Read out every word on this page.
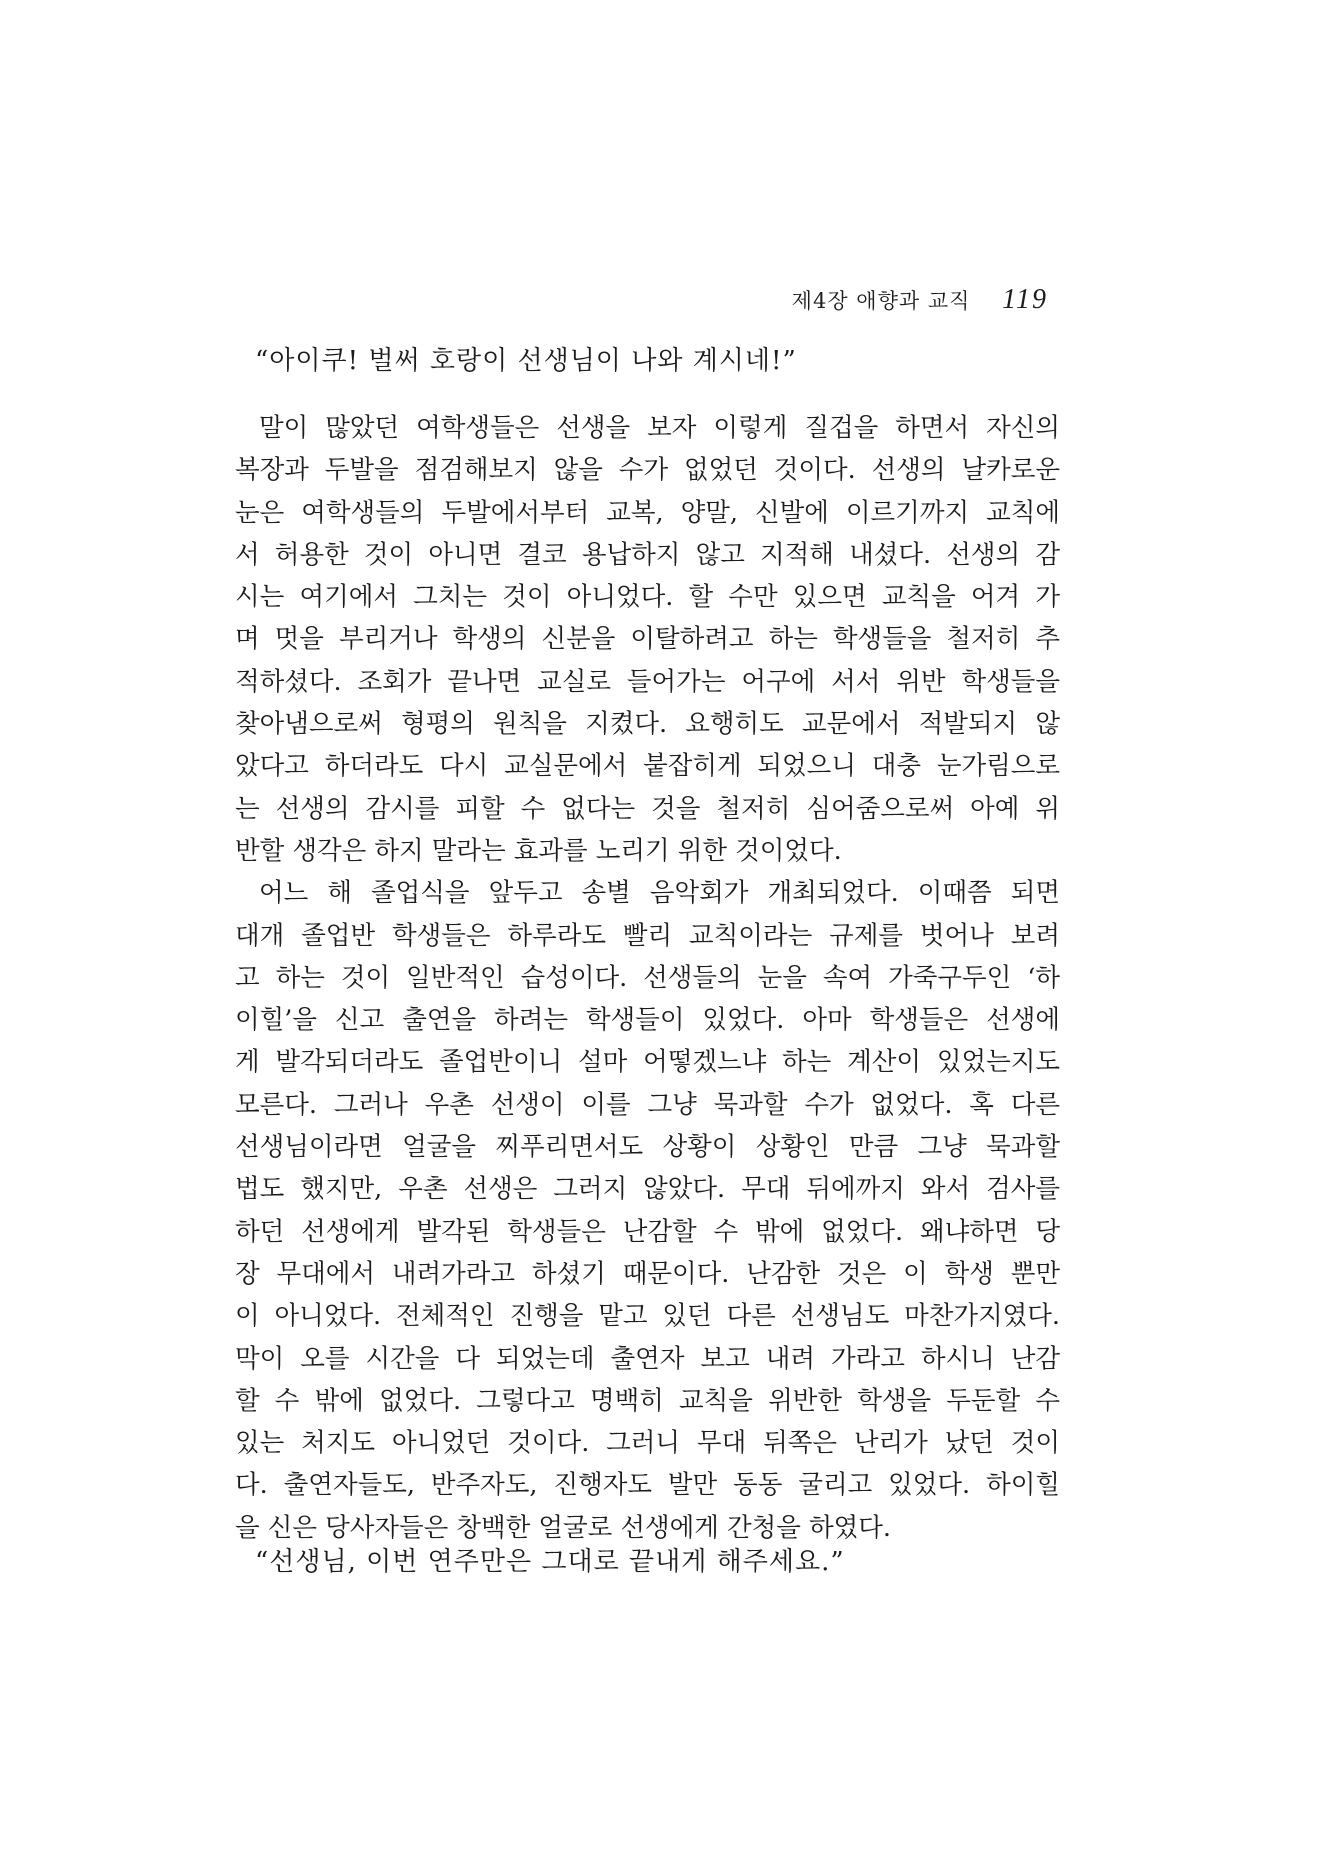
제4장 애향과 교직 119
“아이쿠! 벌써 호랑이 선생님이 나와 계시네!”
말이 많았던 여학생들은 선생을 보자 이렇게 질겁을 하면서 자신의
복장과 두발을 점검해보지 않을 수가 없었던 것이다. 선생의 날카로운
눈은 여학생들의 두발에서부터 교복, 양말, 신발에 이르기까지 교칙에
서 허용한 것이 아니면 결코 용납하지 않고 지적해 내셨다. 선생의 감
시는 여기에서 그치는 것이 아니었다. 할 수만 있으면 교칙을 어겨 가
며 멋을 부리거나 학생의 신분을 이탈하려고 하는 학생들을 철저히 추
적하셨다. 조회가 끝나면 교실로 들어가는 어구에 서서 위반 학생들을
찾아냄으로써 형평의 원칙을 지켰다. 요행히도 교문에서 적발되지 않
았다고 하더라도 다시 교실문에서 붙잡히게 되었으니 대충 눈가림으로
는 선생의 감시를 피할 수 없다는 것을 철저히 심어줌으로써 아예 위
반할 생각은 하지 말라는 효과를 노리기 위한 것이었다.
어느 해 졸업식을 앞두고 송별 음악회가 개최되었다. 이때쯤 되면
대개 졸업반 학생들은 하루라도 빨리 교칙이라는 규제를 벗어나 보려
고 하는 것이 일반적인 습성이다. 선생들의 눈을 속여 가죽구두인 ‘하
이힐’을 신고 출연을 하려는 학생들이 있었다. 아마 학생들은 선생에
게 발각되더라도 졸업반이니 설마 어떻겠느냐 하는 계산이 있었는지도
모른다. 그러나 우촌 선생이 이를 그냥 묵과할 수가 없었다. 혹 다른
선생님이라면 얼굴을 찌푸리면서도 상황이 상황인 만큼 그냥 묵과할
법도 했지만, 우촌 선생은 그러지 않았다. 무대 뒤에까지 와서 검사를
하던 선생에게 발각된 학생들은 난감할 수 밖에 없었다. 왜냐하면 당
장 무대에서 내려가라고 하셨기 때문이다. 난감한 것은 이 학생 뿐만
이 아니었다. 전체적인 진행을 맡고 있던 다른 선생님도 마찬가지였다.
막이 오를 시간을 다 되었는데 출연자 보고 내려 가라고 하시니 난감
할 수 밖에 없었다. 그렇다고 명백히 교칙을 위반한 학생을 두둔할 수
있는 처지도 아니었던 것이다. 그러니 무대 뒤쪽은 난리가 났던 것이
다. 출연자들도, 반주자도, 진행자도 발만 동동 굴리고 있었다. 하이힐
을 신은 당사자들은 창백한 얼굴로 선생에게 간청을 하였다.
“선생님, 이번 연주만은 그대로 끝내게 해주세요.”
